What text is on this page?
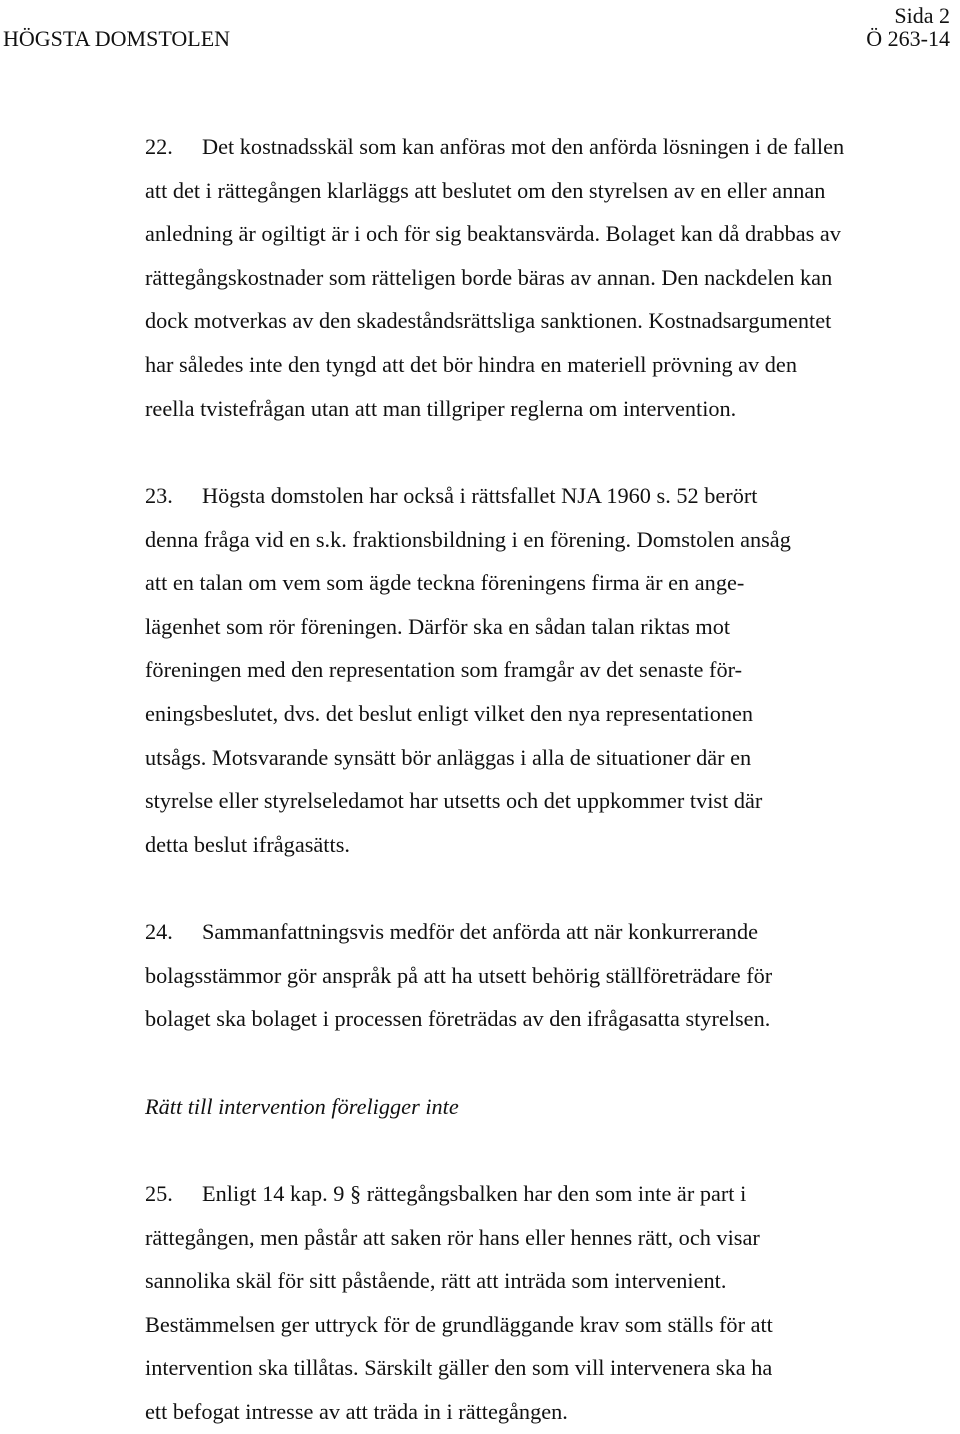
HÖGSTA DOMSTOLEN
Sida 2
Ö 263-14
22. Det kostnadsskäl som kan anföras mot den anförda lösningen i de fallen
att det i rättegången klarläggs att beslutet om den styrelsen av en eller annan
anledning är ogiltigt är i och för sig beaktansvärda. Bolaget kan då drabbas av
rättegångskostnader som rätteligen borde bäras av annan. Den nackdelen kan
dock motverkas av den skadeståndsrättsliga sanktionen. Kostnadsargumentet
har således inte den tyngd att det bör hindra en materiell prövning av den
reella tvistefrågan utan att man tillgriper reglerna om intervention.
23. Högsta domstolen har också i rättsfallet NJA 1960 s. 52 berört
denna fråga vid en s.k. fraktionsbildning i en förening. Domstolen ansåg
att en talan om vem som ägde teckna föreningens firma är en ange-
lägenhet som rör föreningen. Därför ska en sådan talan riktas mot
föreningen med den representation som framgår av det senaste för-
eningsbeslutet, dvs. det beslut enligt vilket den nya representationen
utsågs. Motsvarande synsätt bör anläggas i alla de situationer där en
styrelse eller styrelseledamot har utsetts och det uppkommer tvist där
detta beslut ifrågasätts.
24. Sammanfattningsvis medför det anförda att när konkurrerande
bolagsstämmor gör anspråk på att ha utsett behörig ställföreträdare för
bolaget ska bolaget i processen företrädas av den ifrågasatta styrelsen.
Rätt till intervention föreligger inte
25. Enligt 14 kap. 9 § rättegångsbalken har den som inte är part i
rättegången, men påstår att saken rör hans eller hennes rätt, och visar
sannolika skäl för sitt påstående, rätt att inträda som intervenient.
Bestämmelsen ger uttryck för de grundläggande krav som ställs för att
intervention ska tillåtas. Särskilt gäller den som vill intervenera ska ha
ett befogat intresse av att träda in i rättegången.
